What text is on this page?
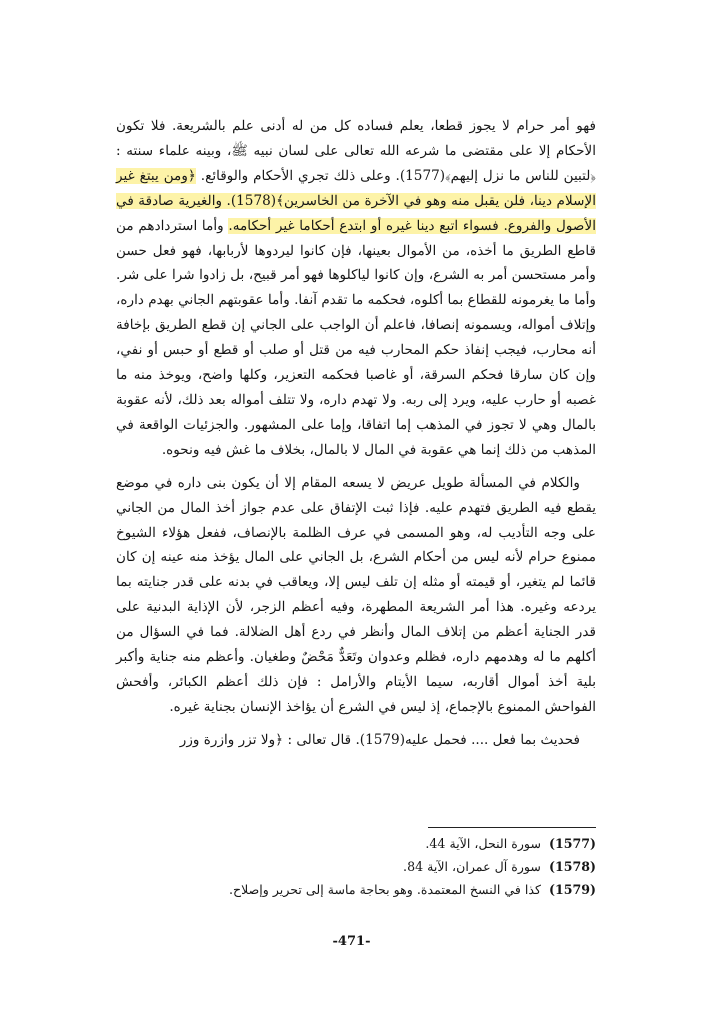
فهو أمر حرام لا يجوز قطعا، يعلم فساده كل من له أدنى علم بالشريعة. فلا تكون الأحكام إلا على مقتضى ما شرعه الله تعالى على لسان نبيه ﷺ، وبينه علماء سنته : ﴿لتبين للناس ما نزل إليهم﴾(1577). وعلى ذلك تجري الأحكام والوقائع. ﴿ومن يبتغ غير الإسلام دينا، فلن يقبل منه وهو في الآخرة من الخاسرين﴾(1578). والغيرية صادقة في الأصول والفروع. فسواء اتبع دينا غيره أو ابتدع أحكاما غير أحكامه. وأما استردادهم من قاطع الطريق ما أخذه، من الأموال بعينها، فإن كانوا ليردوها لأربابها، فهو فعل حسن وأمر مستحسن أمر به الشرع، وإن كانوا لياكلوها فهو أمر قبيح، بل زادوا شرا على شر. وأما ما يغرمونه للقطاع بما أكلوه، فحكمه ما تقدم آنفا. وأما عقوبتهم الجاني بهدم داره، وإتلاف أمواله، ويسمونه إنصافا، فاعلم أن الواجب على الجاني إن قطع الطريق بإخافة أنه محارب، فيجب إنفاذ حكم المحارب فيه من قتل أو صلب أو قطع أو حبس أو نفي، وإن كان سارقا فحكم السرقة، أو غاصبا فحكمه التعزير، وكلها واضح، ويوخذ منه ما غصبه أو حارب عليه، ويرد إلى ربه. ولا تهدم داره، ولا تتلف أمواله بعد ذلك، لأنه عقوبة بالمال وهي لا تجوز في المذهب إما اتفاقا، وإما على المشهور. والجزئيات الواقعة في المذهب من ذلك إنما هي عقوبة في المال لا بالمال، بخلاف ما غش فيه ونحوه.

والكلام في المسألة طويل عريض لا يسعه المقام إلا أن يكون بنى داره في موضع يقطع فيه الطريق فتهدم عليه. فإذا ثبت الإتفاق على عدم جواز أخذ المال من الجاني على وجه التأديب له، وهو المسمى في عرف الظلمة بالإنصاف، ففعل هؤلاء الشيوخ ممنوع حرام لأنه ليس من أحكام الشرع، بل الجاني على المال يؤخذ منه عينه إن كان قائما لم يتغير، أو قيمته أو مثله إن تلف ليس إلا، ويعاقب في بدنه على قدر جنايته بما يردعه وغيره. هذا أمر الشريعة المطهرة، وفيه أعظم الزجر، لأن الإذاية البدنية على قدر الجناية أعظم من إتلاف المال وأنظر في ردع أهل الضلالة. فما في السؤال من أكلهم ما له وهدمهم داره، فظلم وعدوان وتَعَدٌّ مَحْضٌ وطغيان. وأعظم منه جناية وأكبر بلية أخذ أموال أقاربه، سيما الأيتام والأرامل : فإن ذلك أعظم الكبائر، وأفحش الفواحش الممنوع بالإجماع، إذ ليس في الشرع أن يؤاخذ الإنسان بجناية غيره.

فحديث بما فعل .... فحمل عليه(1579). قال تعالى : ﴿ولا تزر وازرة وزر

(1577)سورة النحل، الآية 44.

(1578)سورة آل عمران، الآية 84.

(1579)كذا في النسخ المعتمدة. وهو بحاجة ماسة إلى تحرير وإصلاح.

-471-
